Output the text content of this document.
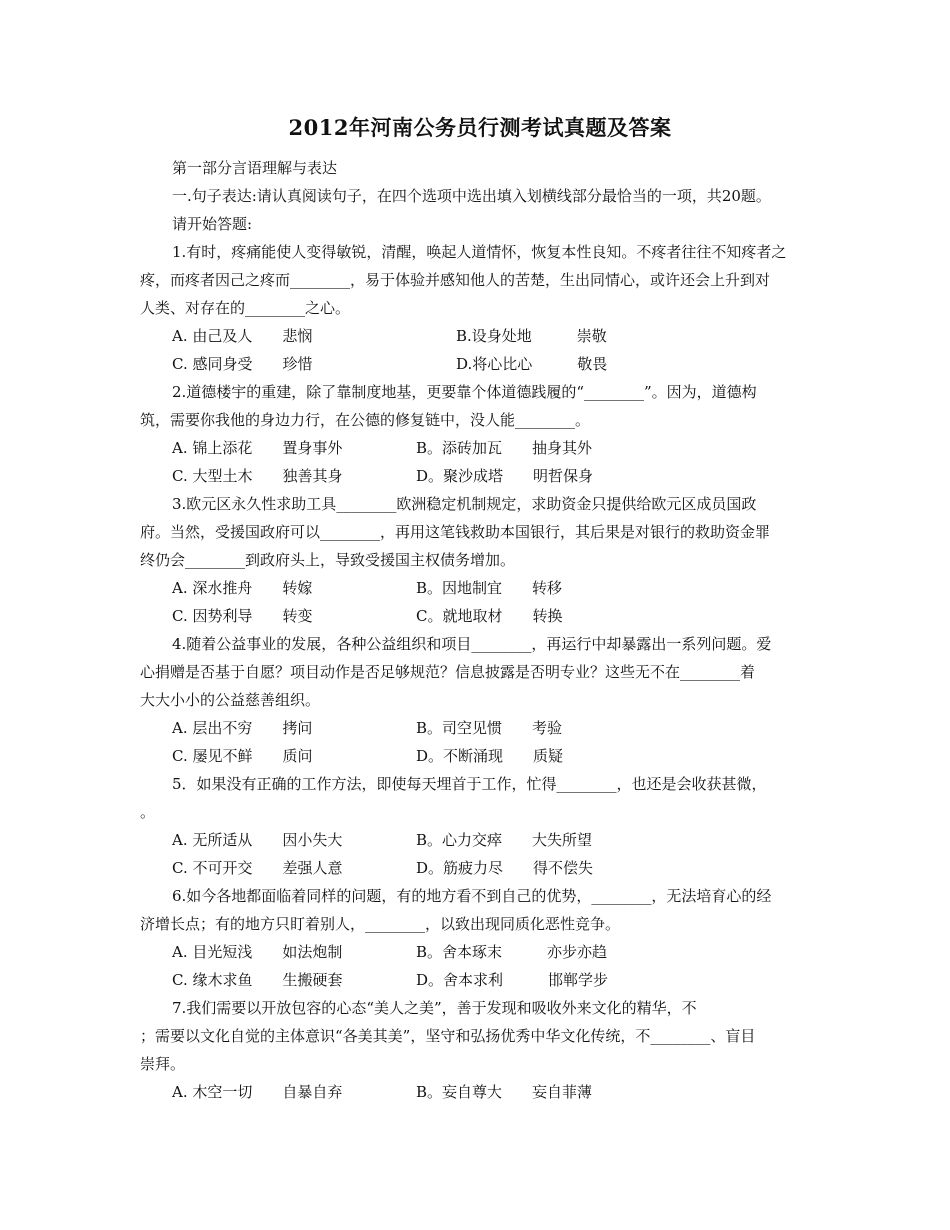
2012年河南公务员行测考试真题及答案
第一部分言语理解与表达
一.句子表达:请认真阅读句子，在四个选项中选出填入划横线部分最恰当的一项，共20题。
请开始答题:
1.有时，疼痛能使人变得敏锐，清醒，唤起人道情怀，恢复本性良知。不疼者往往不知疼者之
疼，而疼者因己之疼而________，易于体验并感知他人的苦楚，生出同情心，或许还会上升到对
人类、对存在的________之心。
A. 由己及人　　悲悯	B.设身处地　　　崇敬
C. 感同身受　　珍惜	D.将心比心　　　敬畏
2.道德楼宇的重建，除了靠制度地基，更要靠个体道德践履的“________”。因为，道德构
筑，需要你我他的身边力行，在公德的修复链中，没人能________。
A. 锦上添花　　置身事外	B。添砖加瓦　　抽身其外
C. 大型土木　　独善其身	D。聚沙成塔　　明哲保身
3.欧元区永久性求助工具________欧洲稳定机制规定，求助资金只提供给欧元区成员国政
府。当然，受援国政府可以________，再用这笔钱救助本国银行，其后果是对银行的救助资金罪
终仍会________到政府头上，导致受援国主权债务增加。
A. 深水推舟　　转嫁	B。因地制宜　　转移
C. 因势利导　　转变	C。就地取材　　转换
4.随着公益事业的发展，各种公益组织和项目________，再运行中却暴露出一系列问题。爱
心捐赠是否基于自愿？项目动作是否足够规范？信息披露是否明专业？这些无不在________着
大大小小的公益慈善组织。
A. 层出不穷　　拷问	B。司空见惯　　考验
C. 屡见不鲜　　质问	D。不断涌现　　质疑
5．如果没有正确的工作方法，即使每天埋首于工作，忙得________，也还是会收获甚微，
。
A. 无所适从　　因小失大	B。心力交瘁　　大失所望
C. 不可开交　　差强人意	D。筋疲力尽　　得不偿失
6.如今各地都面临着同样的问题，有的地方看不到自己的优势，________，无法培育心的经
济增长点；有的地方只盯着别人，________，以致出现同质化恶性竞争。
A. 目光短浅　　如法炮制	B。舍本琢末　　　亦步亦趋
C. 缘木求鱼　　生搬硬套	D。舍本求利　　　邯郸学步
7.我们需要以开放包容的心态“美人之美”，善于发现和吸收外来文化的精华，不
；需要以文化自觉的主体意识“各美其美”，坚守和弘扬优秀中华文化传统，不________、盲目
崇拜。
A. 木空一切　　自暴自弃	B。妄自尊大　　妄自菲薄
